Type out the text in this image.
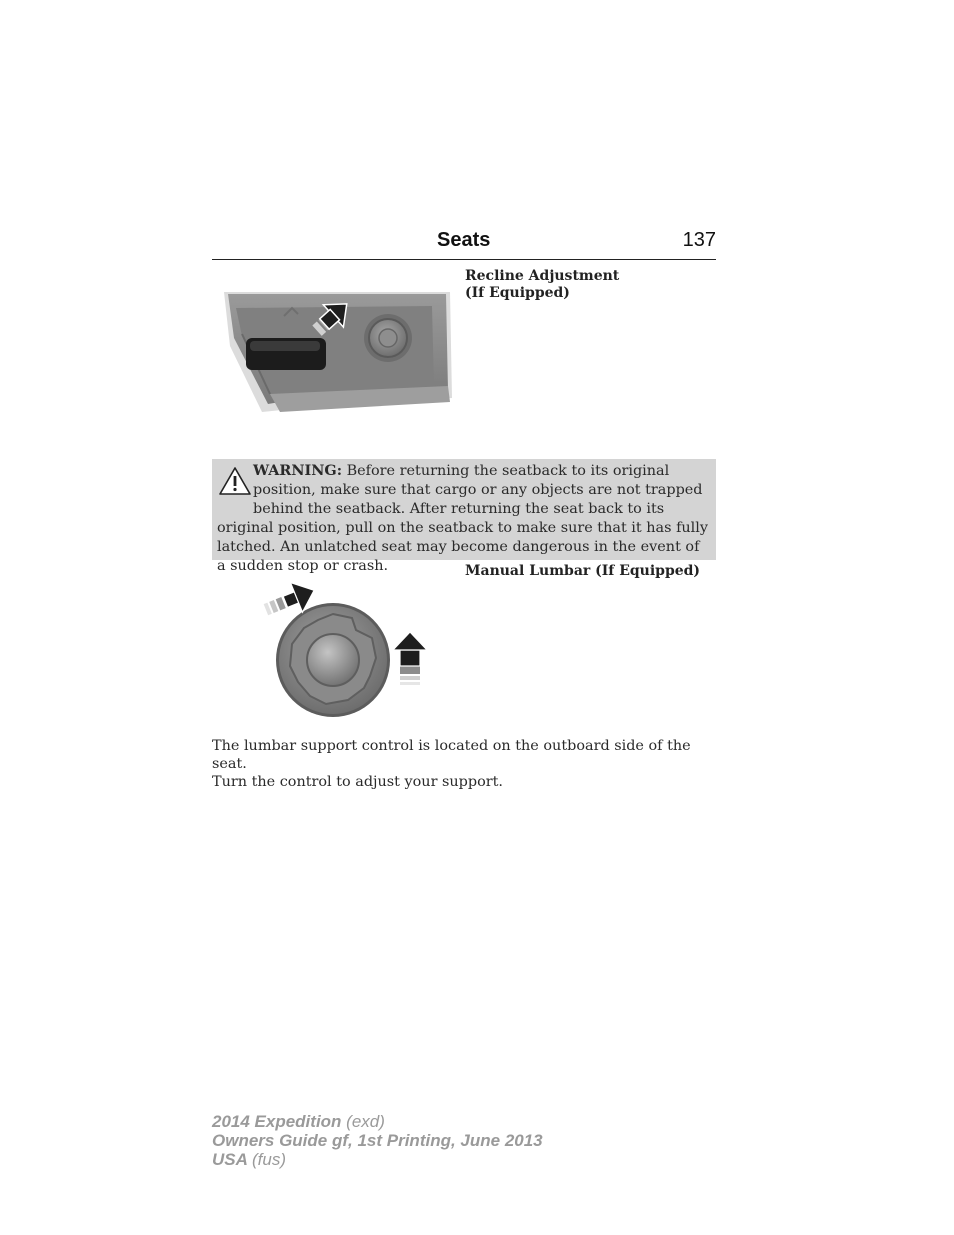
Seats	137
Recline Adjustment
(If Equipped)
WARNING: Before returning the seatback to its original position, make sure that cargo or any objects are not trapped behind the seatback. After returning the seat back to its original position, pull on the seatback to make sure that it has fully latched. An unlatched seat may become dangerous in the event of a sudden stop or crash.	Manual Lumbar (If Equipped)
The lumbar support control is located on the outboard side of the seat.
Turn the control to adjust your support.
2014 Expedition (exd)
Owners Guide gf, 1st Printing, June 2013
USA (fus)
